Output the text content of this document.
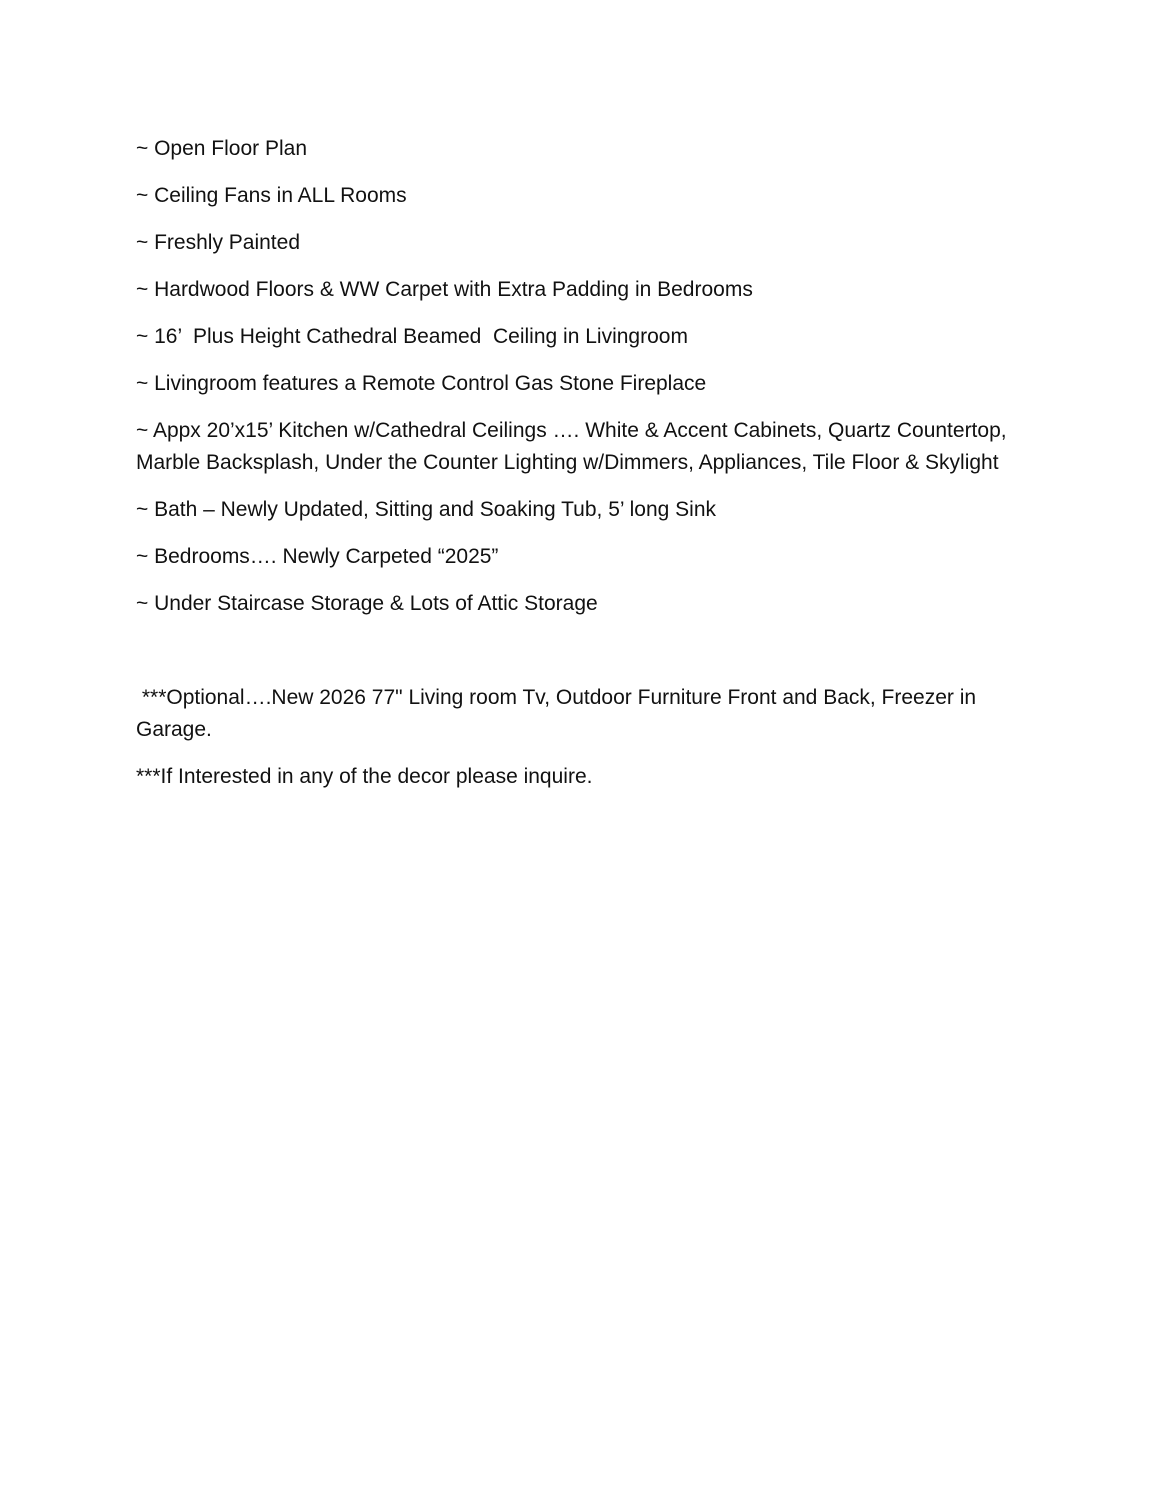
~ Open Floor Plan

~ Ceiling Fans in ALL Rooms

~ Freshly Painted

~ Hardwood Floors & WW Carpet with Extra Padding in Bedrooms

~ 16’  Plus Height Cathedral Beamed  Ceiling in Livingroom

~ Livingroom features a Remote Control Gas Stone Fireplace

~ Appx 20’x15’ Kitchen w/Cathedral Ceilings …. White & Accent Cabinets, Quartz Countertop, Marble Backsplash, Under the Counter Lighting w/Dimmers, Appliances, Tile Floor & Skylight

~ Bath – Newly Updated, Sitting and Soaking Tub, 5’ long Sink

~ Bedrooms…. Newly Carpeted “2025”

~ Under Staircase Storage & Lots of Attic Storage

***Optional….New 2026 77" Living room Tv, Outdoor Furniture Front and Back, Freezer in Garage.

***If Interested in any of the decor please inquire.
